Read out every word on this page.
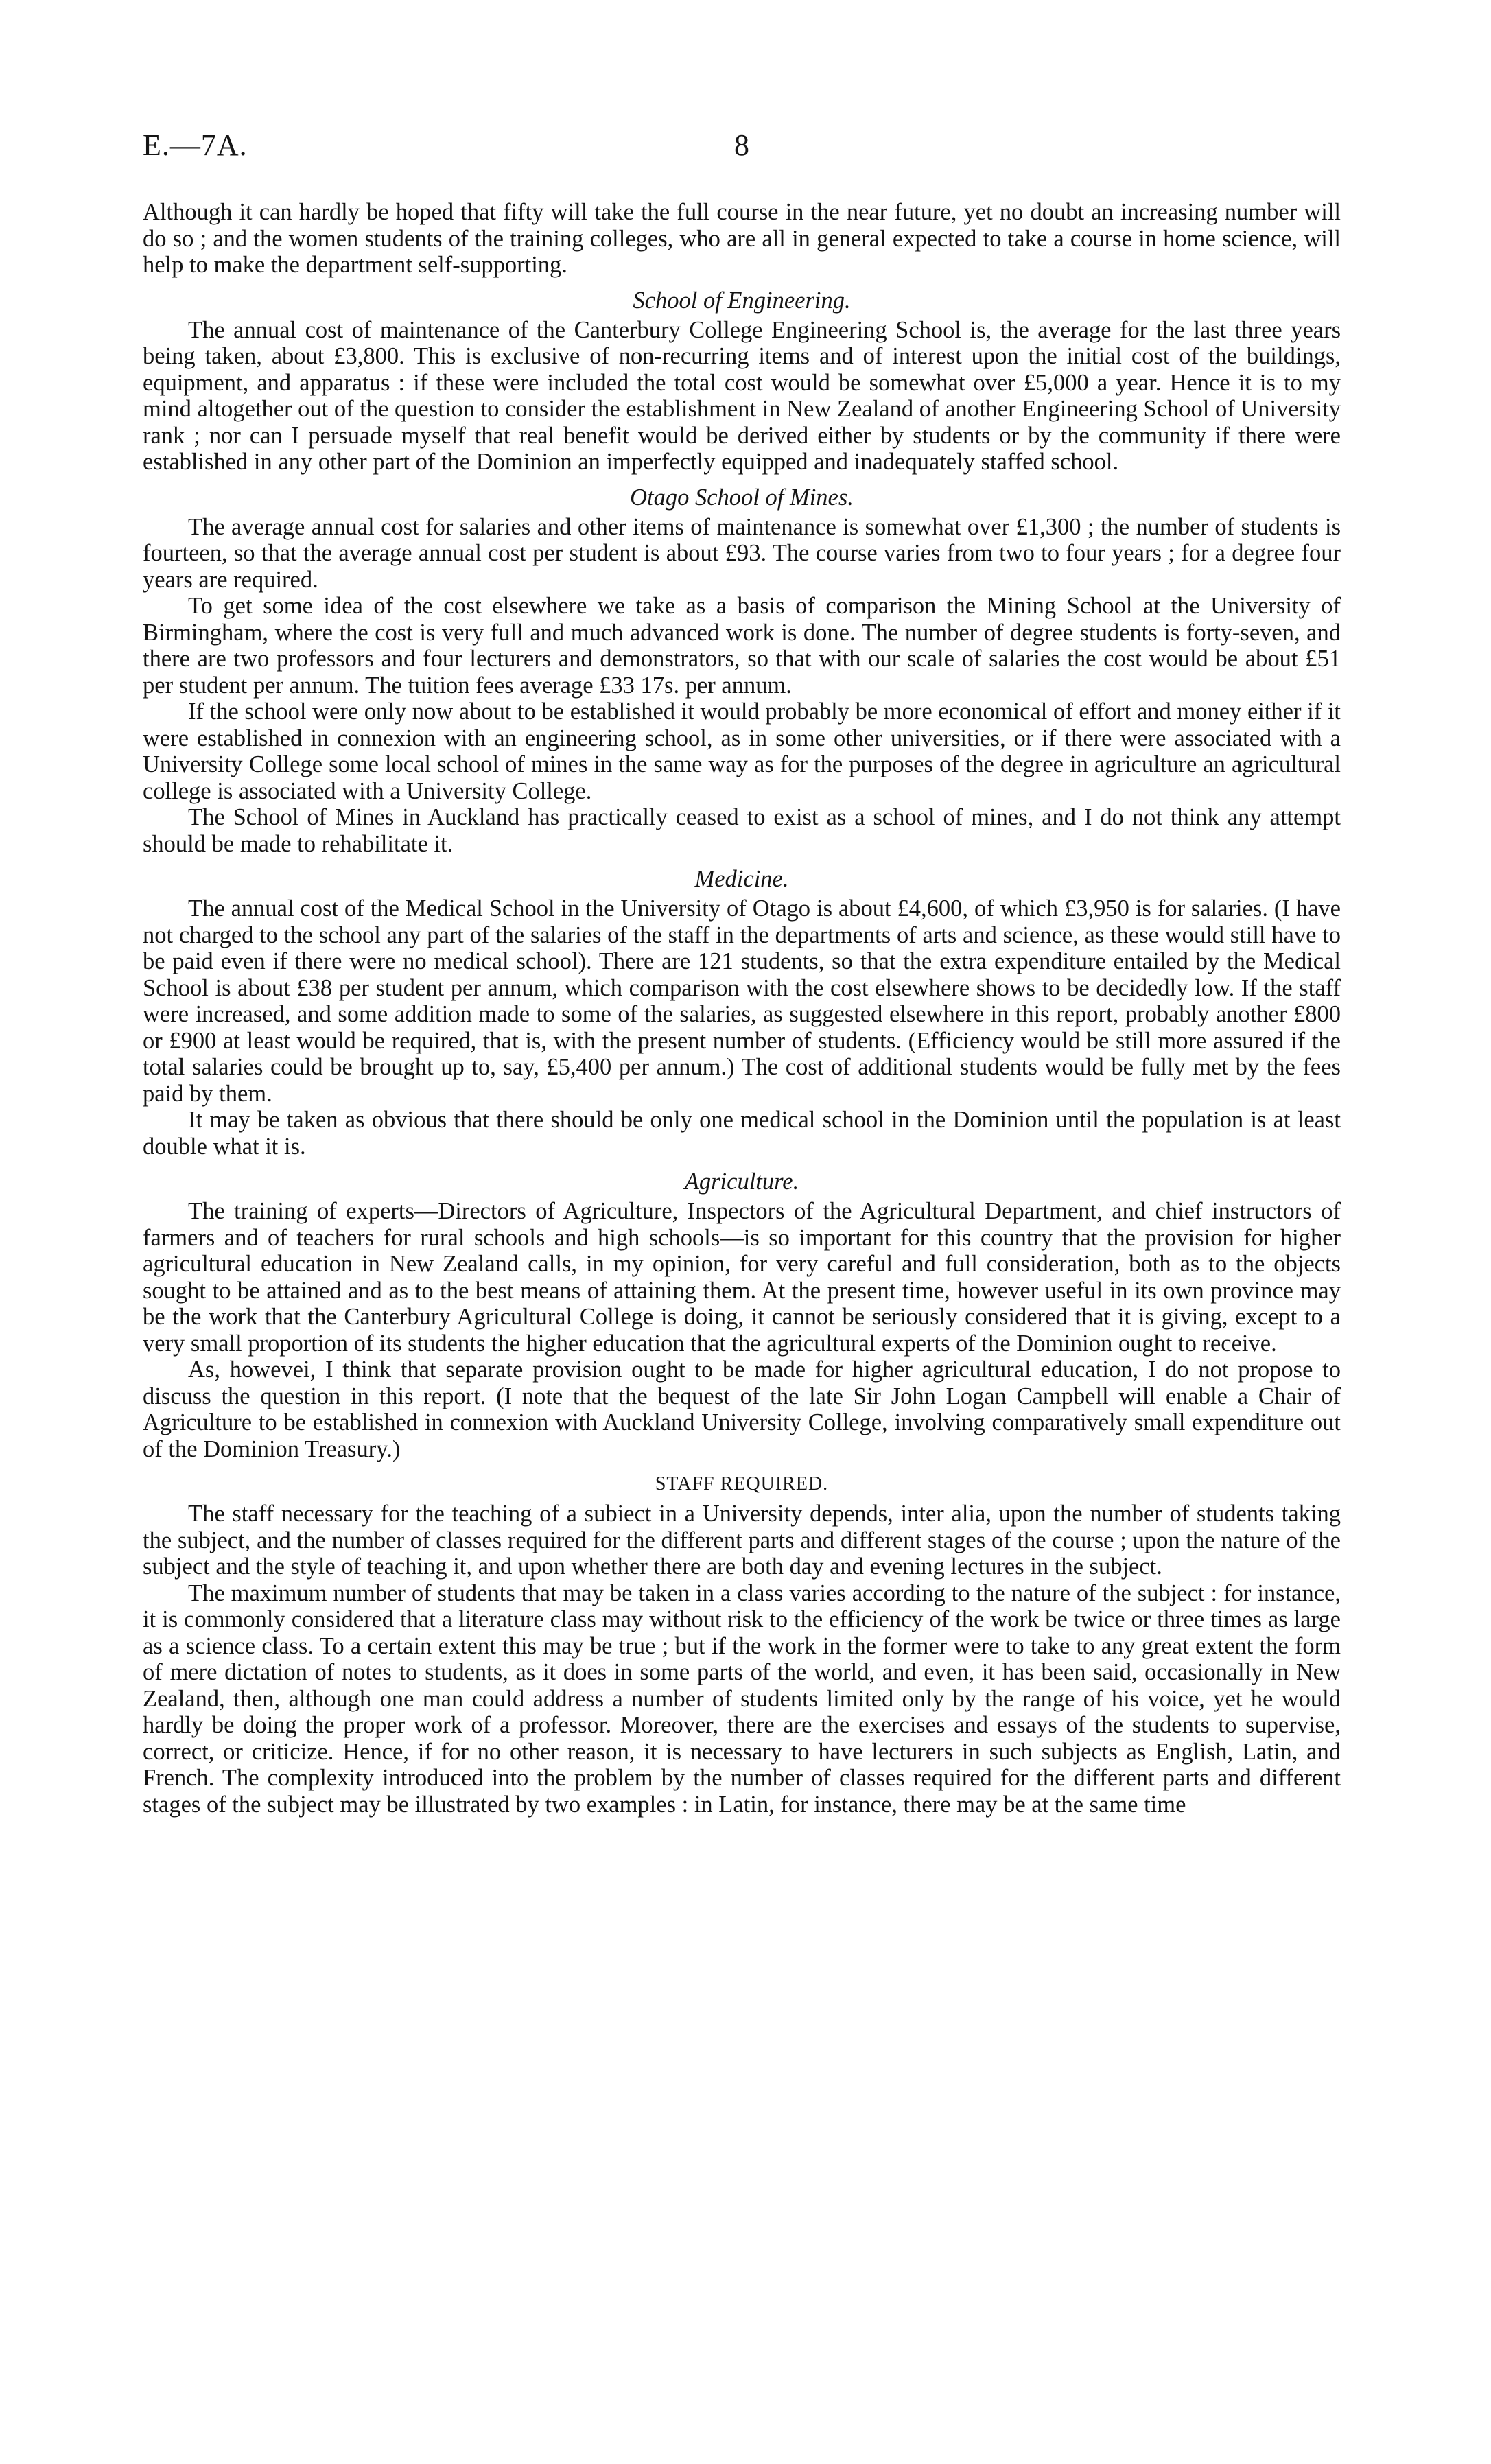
E.—7A.	8

Although it can hardly be hoped that fifty will take the full course in the near future, yet no doubt an increasing number will do so ; and the women students of the training colleges, who are all in general expected to take a course in home science, will help to make the department self-supporting.

School of Engineering.

The annual cost of maintenance of the Canterbury College Engineering School is, the average for the last three years being taken, about £3,800. This is exclusive of non-recurring items and of interest upon the initial cost of the buildings, equipment, and apparatus : if these were included the total cost would be somewhat over £5,000 a year. Hence it is to my mind altogether out of the question to consider the establishment in New Zealand of another Engineering School of University rank ; nor can I persuade myself that real benefit would be derived either by students or by the community if there were established in any other part of the Dominion an imperfectly equipped and inadequately staffed school.

Otago School of Mines.

The average annual cost for salaries and other items of maintenance is somewhat over £1,300 ; the number of students is fourteen, so that the average annual cost per student is about £93. The course varies from two to four years ; for a degree four years are required.

To get some idea of the cost elsewhere we take as a basis of comparison the Mining School at the University of Birmingham, where the cost is very full and much advanced work is done. The number of degree students is forty-seven, and there are two professors and four lecturers and demonstrators, so that with our scale of salaries the cost would be about £51 per student per annum. The tuition fees average £33 17s. per annum.

If the school were only now about to be established it would probably be more economical of effort and money either if it were established in connexion with an engineering school, as in some other universities, or if there were associated with a University College some local school of mines in the same way as for the purposes of the degree in agriculture an agricultural college is associated with a University College.

The School of Mines in Auckland has practically ceased to exist as a school of mines, and I do not think any attempt should be made to rehabilitate it.

Medicine.

The annual cost of the Medical School in the University of Otago is about £4,600, of which £3,950 is for salaries. (I have not charged to the school any part of the salaries of the staff in the departments of arts and science, as these would still have to be paid even if there were no medical school). There are 121 students, so that the extra expenditure entailed by the Medical School is about £38 per student per annum, which comparison with the cost elsewhere shows to be decidedly low. If the staff were increased, and some addition made to some of the salaries, as suggested elsewhere in this report, probably another £800 or £900 at least would be required, that is, with the present number of students. (Efficiency would be still more assured if the total salaries could be brought up to, say, £5,400 per annum.) The cost of additional students would be fully met by the fees paid by them.

It may be taken as obvious that there should be only one medical school in the Dominion until the population is at least double what it is.

Agriculture.

The training of experts—Directors of Agriculture, Inspectors of the Agricultural Department, and chief instructors of farmers and of teachers for rural schools and high schools—is so important for this country that the provision for higher agricultural education in New Zealand calls, in my opinion, for very careful and full consideration, both as to the objects sought to be attained and as to the best means of attaining them. At the present time, however useful in its own province may be the work that the Canterbury Agricultural College is doing, it cannot be seriously considered that it is giving, except to a very small proportion of its students the higher education that the agricultural experts of the Dominion ought to receive.

As, howevei, I think that separate provision ought to be made for higher agricultural education, I do not propose to discuss the question in this report. (I note that the bequest of the late Sir John Logan Campbell will enable a Chair of Agriculture to be established in connexion with Auckland University College, involving comparatively small expenditure out of the Dominion Treasury.)

STAFF REQUIRED.

The staff necessary for the teaching of a subiect in a University depends, inter alia, upon the number of students taking the subject, and the number of classes required for the different parts and different stages of the course ; upon the nature of the subject and the style of teaching it, and upon whether there are both day and evening lectures in the subject.

The maximum number of students that may be taken in a class varies according to the nature of the subject : for instance, it is commonly considered that a literature class may without risk to the efficiency of the work be twice or three times as large as a science class. To a certain extent this may be true ; but if the work in the former were to take to any great extent the form of mere dictation of notes to students, as it does in some parts of the world, and even, it has been said, occasionally in New Zealand, then, although one man could address a number of students limited only by the range of his voice, yet he would hardly be doing the proper work of a professor. Moreover, there are the exercises and essays of the students to supervise, correct, or criticize. Hence, if for no other reason, it is necessary to have lecturers in such subjects as English, Latin, and French. The complexity introduced into the problem by the number of classes required for the different parts and different stages of the subject may be illustrated by two examples : in Latin, for instance, there may be at the same time
